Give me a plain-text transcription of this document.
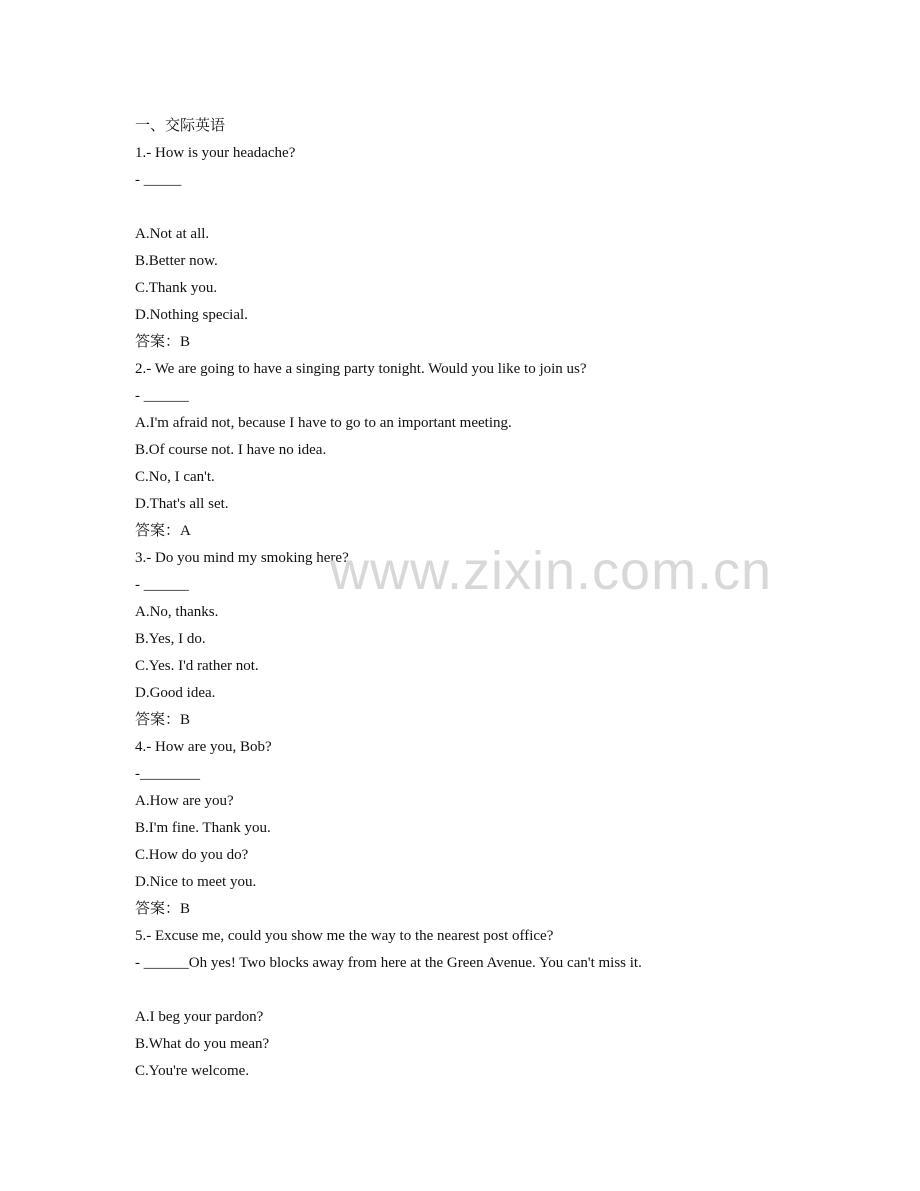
一、交际英语
1.- How is your headache?
- _____
A.Not at all.
B.Better now.
C.Thank you.
D.Nothing special.
答案：B
2.- We are going to have a singing party tonight. Would you like to join us?
- ______
A.I'm afraid not, because I have to go to an important meeting.
B.Of course not. I have no idea.
C.No, I can't.
D.That's all set.
答案：A
3.- Do you mind my smoking here?
- ______
A.No, thanks.
B.Yes, I do.
C.Yes. I'd rather not.
D.Good idea.
答案：B
4.- How are you, Bob?
-________
A.How are you?
B.I'm fine. Thank you.
C.How do you do?
D.Nice to meet you.
答案：B
5.- Excuse me, could you show me the way to the nearest post office?
- ______Oh yes! Two blocks away from here at the Green Avenue. You can't miss it.
A.I beg your pardon?
B.What do you mean?
C.You're welcome.
www.zixin.com.cn
